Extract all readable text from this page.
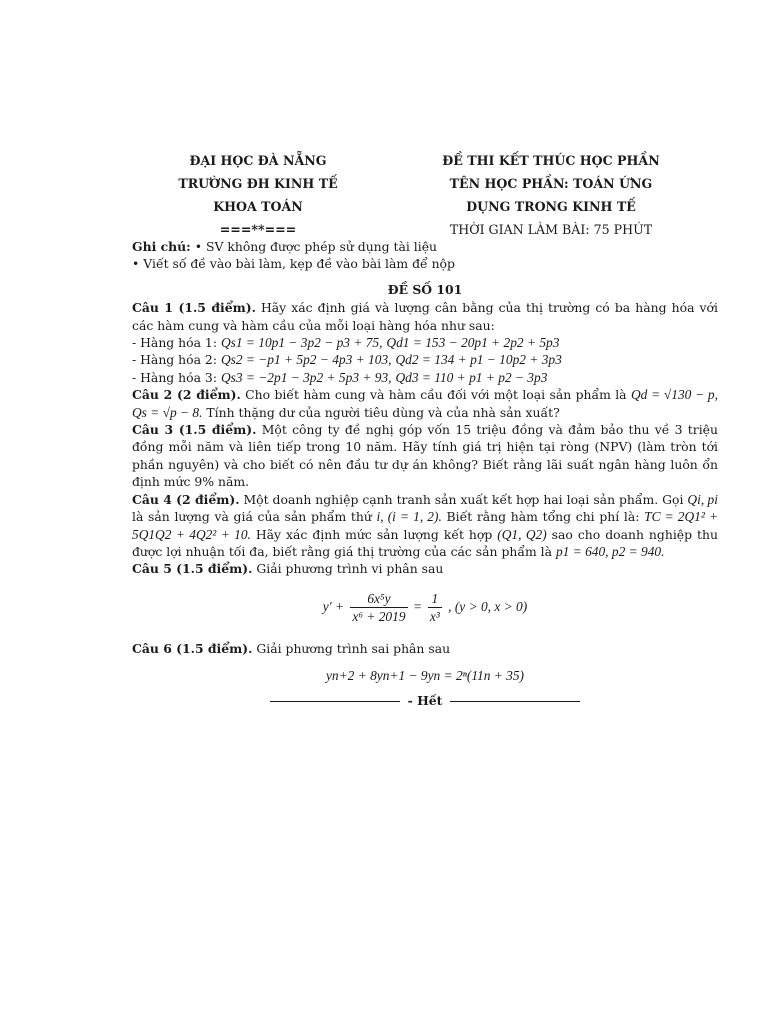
ĐẠI HỌC ĐÀ NẴNG
TRƯỜNG ĐH KINH TẾ
KHOA TOÁN
===**===
ĐỀ THI KẾT THÚC HỌC PHẦN
TÊN HỌC PHẦN: TOÁN ỨNG
DỤNG TRONG KINH TẾ
THỜI GIAN LÀM BÀI: 75 PHÚT
Ghi chú: • SV không được phép sử dụng tài liệu
• Viết số đề vào bài làm, kẹp đề vào bài làm để nộp
ĐỀ SỐ 101
Câu 1 (1.5 điểm). Hãy xác định giá và lượng cân bằng của thị trường có ba hàng hóa với các hàm cung và hàm cầu của mỗi loại hàng hóa như sau:
- Hàng hóa 1: Qs1 = 10p1 − 3p2 − p3 + 75, Qd1 = 153 − 20p1 + 2p2 + 5p3
- Hàng hóa 2: Qs2 = −p1 + 5p2 − 4p3 + 103, Qd2 = 134 + p1 − 10p2 + 3p3
- Hàng hóa 3: Qs3 = −2p1 − 3p2 + 5p3 + 93, Qd3 = 110 + p1 + p2 − 3p3
Câu 2 (2 điểm). Cho biết hàm cung và hàm cầu đối với một loại sản phẩm là Qd = √130 − p, Qs = √p − 8. Tính thặng dư của người tiêu dùng và của nhà sản xuất?
Câu 3 (1.5 điểm). Một công ty đề nghị góp vốn 15 triệu đồng và đảm bảo thu về 3 triệu đồng mỗi năm và liên tiếp trong 10 năm. Hãy tính giá trị hiện tại ròng (NPV) (làm tròn tới phần nguyên) và cho biết có nên đầu tư dự án không? Biết rằng lãi suất ngân hàng luôn ổn định mức 9% năm.
Câu 4 (2 điểm). Một doanh nghiệp cạnh tranh sản xuất kết hợp hai loại sản phẩm. Gọi Qi, pi là sản lượng và giá của sản phẩm thứ i, (i = 1, 2). Biết rằng hàm tổng chi phí là: TC = 2Q1² + 5Q1Q2 + 4Q2² + 10. Hãy xác định mức sản lượng kết hợp (Q1, Q2) sao cho doanh nghiệp thu được lợi nhuận tối đa, biết rằng giá thị trường của các sản phẩm là p1 = 640, p2 = 940.
Câu 5 (1.5 điểm). Giải phương trình vi phân sau
$y' + \frac{\text{6x⁵y}}{\text{x⁶ + 2019}} = \frac{1}{\text{x³}}$ , (y > 0, x > 0)
Câu 6 (1.5 điểm). Giải phương trình sai phân sau
yn+2 + 8yn+1 − 9yn = 2ⁿ(11n + 35)
- Hết
